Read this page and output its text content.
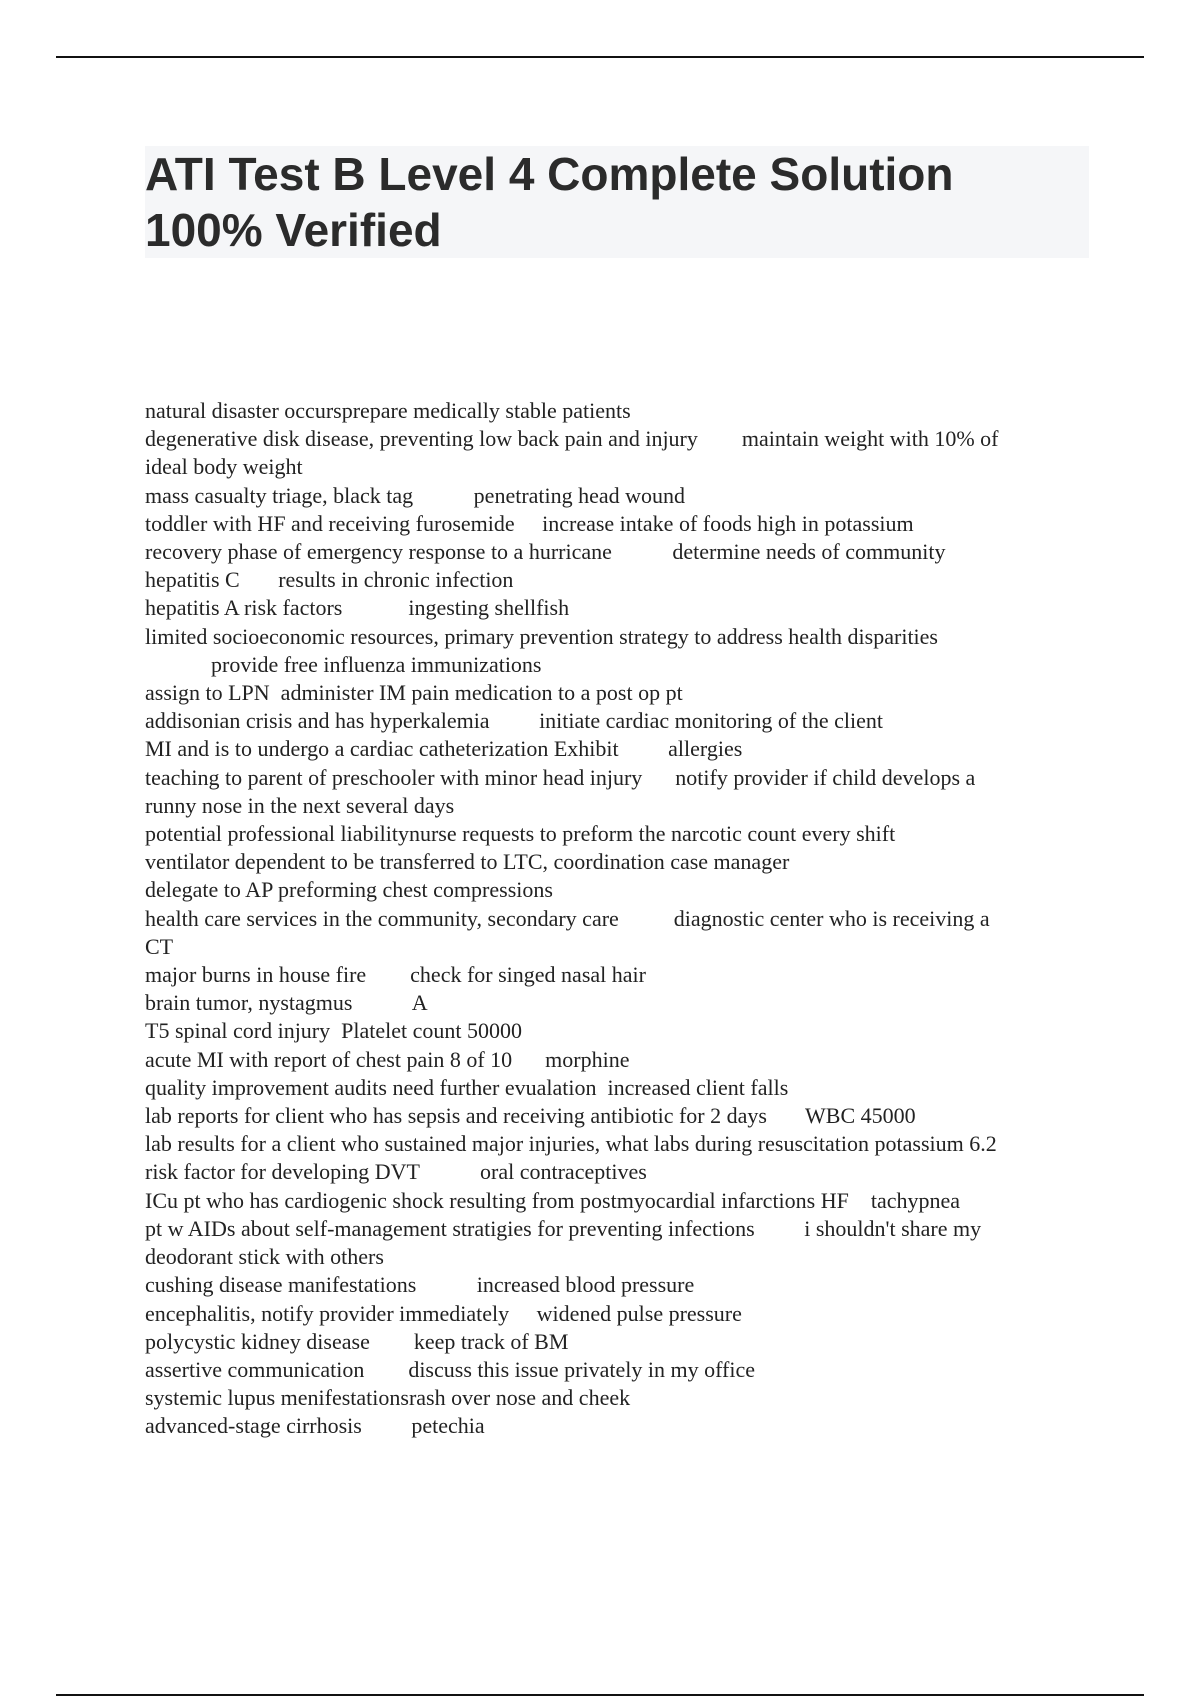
ATI Test B Level 4 Complete Solution
100% Verified

natural disaster occursprepare medically stable patients

degenerative disk disease, preventing low back pain and injury        maintain weight with 10% of

ideal body weight

mass casualty triage, black tag           penetrating head wound

toddler with HF and receiving furosemide     increase intake of foods high in potassium

recovery phase of emergency response to a hurricane           determine needs of community

hepatitis C       results in chronic infection

hepatitis A risk factors            ingesting shellfish

limited socioeconomic resources, primary prevention strategy to address health disparities

provide free influenza immunizations

assign to LPN  administer IM pain medication to a post op pt

addisonian crisis and has hyperkalemia         initiate cardiac monitoring of the client

MI and is to undergo a cardiac catheterization Exhibit         allergies

teaching to parent of preschooler with minor head injury      notify provider if child develops a

runny nose in the next several days

potential professional liabilitynurse requests to preform the narcotic count every shift

ventilator dependent to be transferred to LTC, coordination case manager

delegate to AP preforming chest compressions

health care services in the community, secondary care          diagnostic center who is receiving a

CT

major burns in house fire        check for singed nasal hair

brain tumor, nystagmus           A

T5 spinal cord injury  Platelet count 50000

acute MI with report of chest pain 8 of 10      morphine

quality improvement audits need further evualation  increased client falls

lab reports for client who has sepsis and receiving antibiotic for 2 days       WBC 45000

lab results for a client who sustained major injuries, what labs during resuscitation potassium 6.2

risk factor for developing DVT           oral contraceptives

ICu pt who has cardiogenic shock resulting from postmyocardial infarctions HF    tachypnea

pt w AIDs about self-management stratigies for preventing infections         i shouldn't share my

deodorant stick with others

cushing disease manifestations           increased blood pressure

encephalitis, notify provider immediately     widened pulse pressure

polycystic kidney disease        keep track of BM

assertive communication        discuss this issue privately in my office

systemic lupus menifestationsrash over nose and cheek

advanced-stage cirrhosis         petechia
